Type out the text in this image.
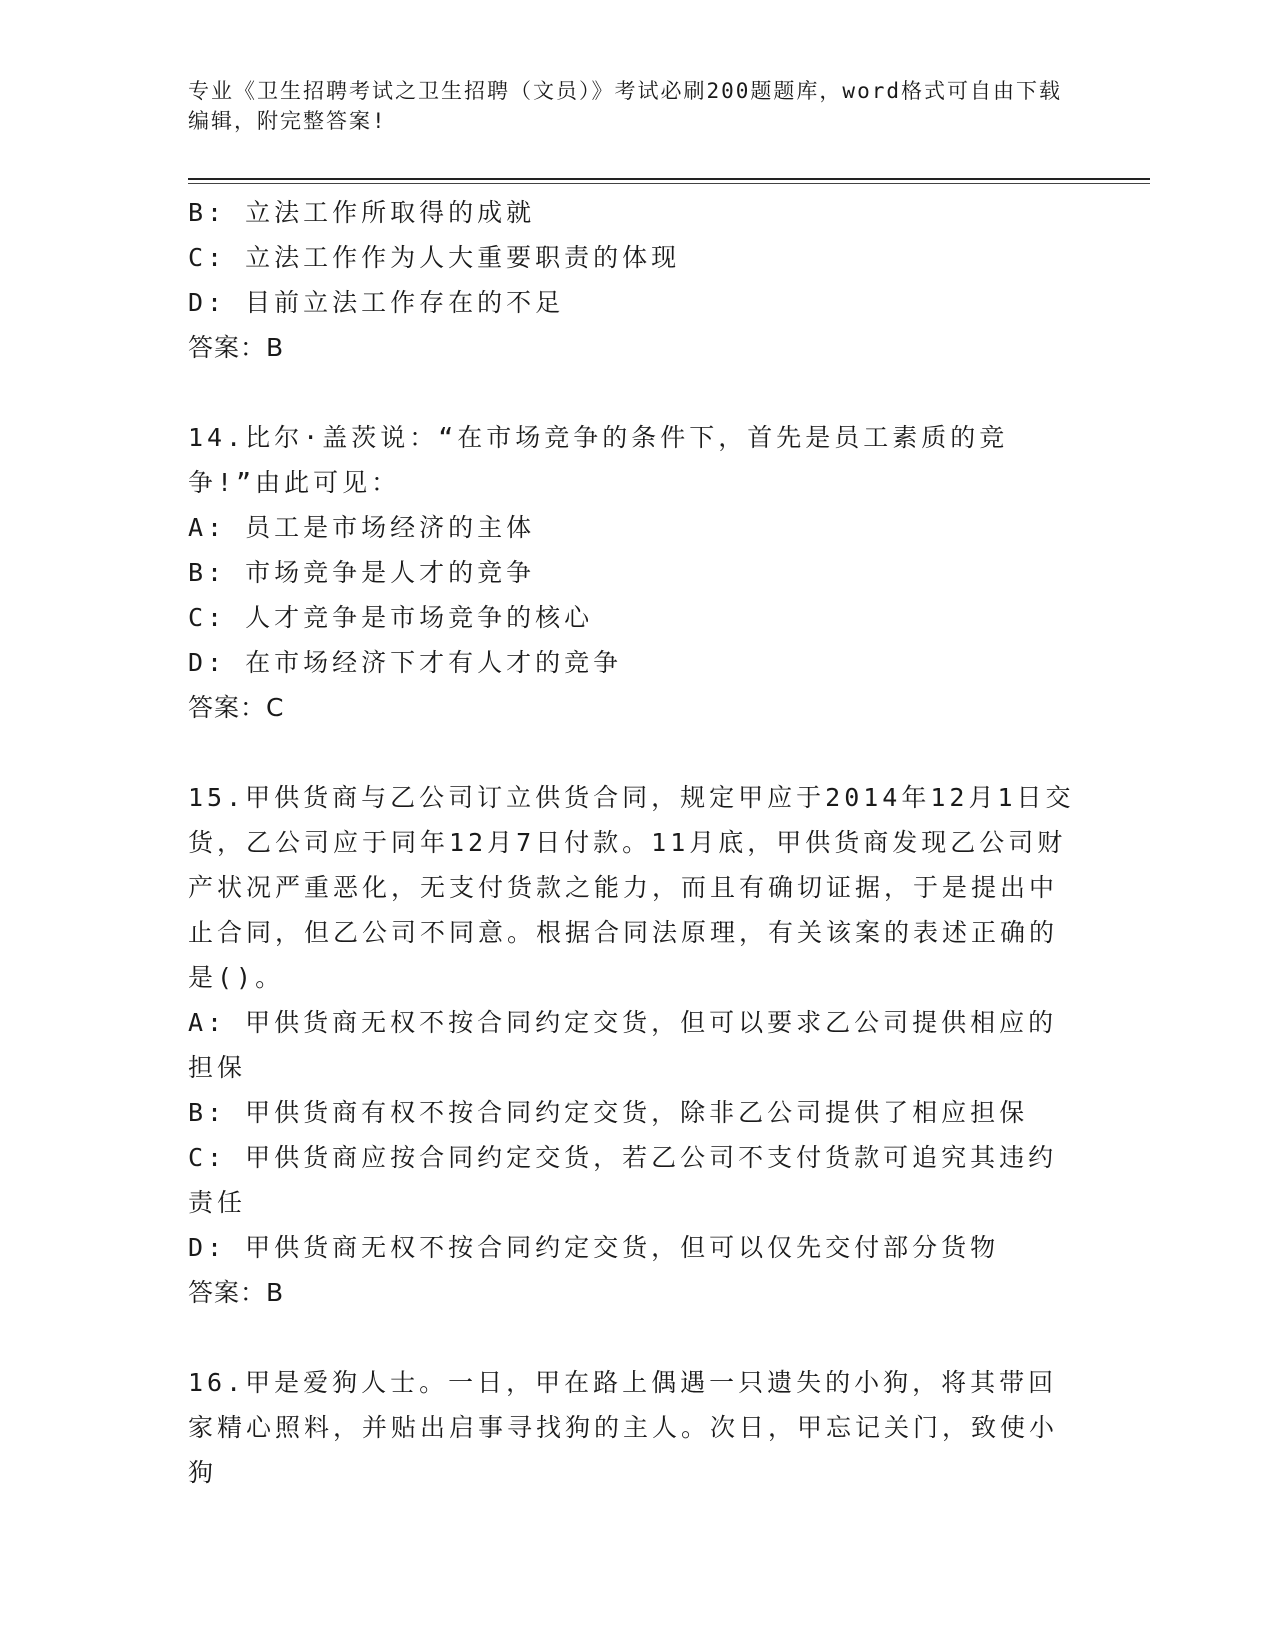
专业《卫生招聘考试之卫生招聘（文员）》考试必刷200题题库，word格式可自由下载编辑，附完整答案!

B: 立法工作所取得的成就

C: 立法工作作为人大重要职责的体现

D: 目前立法工作存在的不足

答案：B

14.比尔·盖茨说：“在市场竞争的条件下，首先是员工素质的竞争!”由此可见：

A: 员工是市场经济的主体

B: 市场竞争是人才的竞争

C: 人才竞争是市场竞争的核心

D: 在市场经济下才有人才的竞争

答案：C

15.甲供货商与乙公司订立供货合同，规定甲应于2014年12月1日交货，乙公司应于同年12月7日付款。11月底，甲供货商发现乙公司财产状况严重恶化，无支付货款之能力，而且有确切证据，于是提出中止合同，但乙公司不同意。根据合同法原理，有关该案的表述正确的是()。

A: 甲供货商无权不按合同约定交货，但可以要求乙公司提供相应的担保

B: 甲供货商有权不按合同约定交货，除非乙公司提供了相应担保

C: 甲供货商应按合同约定交货，若乙公司不支付货款可追究其违约责任

D: 甲供货商无权不按合同约定交货，但可以仅先交付部分货物

答案：B

16.甲是爱狗人士。一日，甲在路上偶遇一只遗失的小狗，将其带回家精心照料，并贴出启事寻找狗的主人。次日，甲忘记关门，致使小狗
